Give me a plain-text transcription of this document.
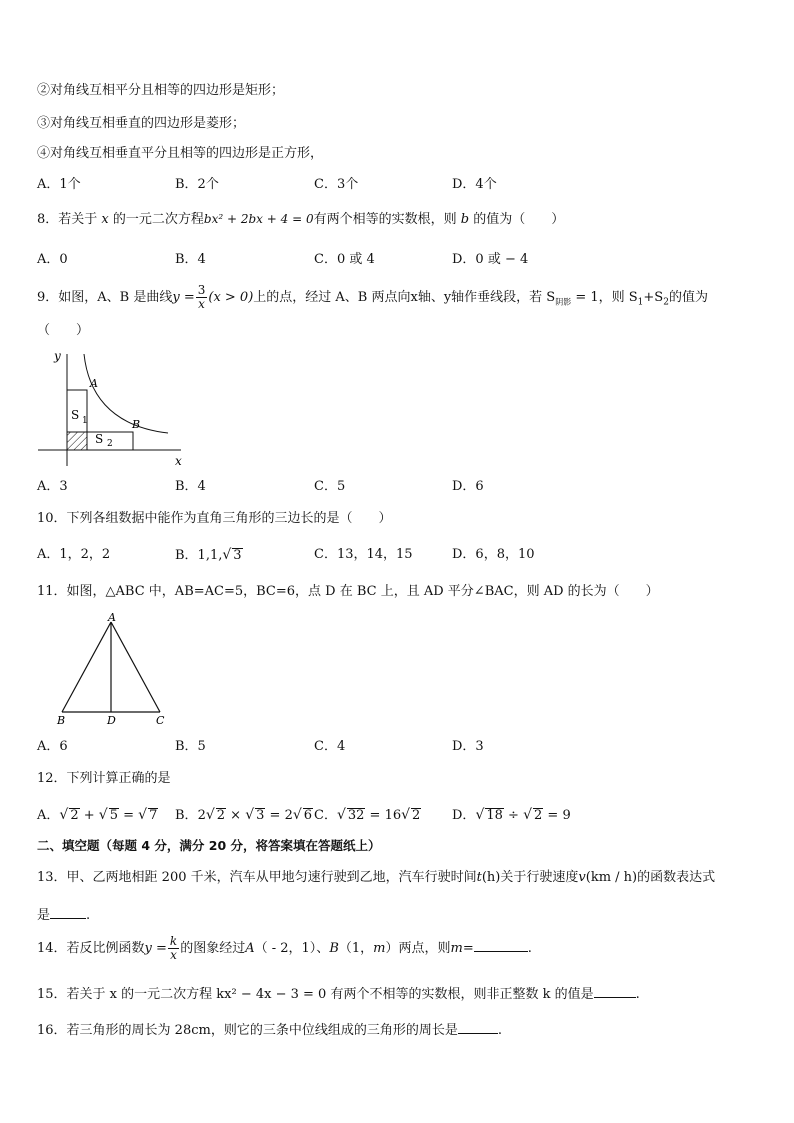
②对角线互相平分且相等的四边形是矩形；
③对角线互相垂直的四边形是菱形；
④对角线互相垂直平分且相等的四边形是正方形，
A．1个	B．2个	C．3个	D．4个
8．若关于 x 的一元二次方程bx² + 2bx + 4 = 0有两个相等的实数根，则 b 的值为（　　）
A．0	B．4	C．0 或 4	D．0 或 − 4
9．如图，A、B 是曲线$y = \frac{3}{x} (x > 0)$上的点，经过 A、B 两点向x轴、y轴作垂线段，若 $S_{阴影} = 1$，则 $S_1+S_2$的值为
（　　）
y
x
A
B
S 1
S 2
A．3	B．4	C．5	D．6
10．下列各组数据中能作为直角三角形的三边长的是（　　）
A．1，2，2	B．1,1,√ 3	C．13，14，15	D．6，8，10
11．如图，△ABC 中，AB=AC=5，BC=6，点 D 在 BC 上，且 AD 平分∠BAC，则 AD 的长为（　　）
A
B	D	C
A．6	B．5	C．4	D．3
12．下列计算正确的是
A．√ 2 + √ 5 = √ 7 B．2√ 2 × √ 3 = 2√ 6 C．√ 32 = 16√ 2 D．√ 18 ÷ √ 2 = 9
二、填空题（每题 4 分，满分 20 分，将答案填在答题纸上）
13．甲、乙两地相距 200 千米，汽车从甲地匀速行驶到乙地，汽车行驶时间t(h)关于行驶速度v(km / h)的函数表达式
是	.
14．若反比例函数$y = \frac{k}{x}$ 的图象经过A（ - 2，1）、B（1，m）两点，则m=	.
15．若关于 x 的一元二次方程 kx² − 4x − 3 = 0 有两个不相等的实数根，则非正整数 k 的值是	.
16．若三角形的周长为 28cm，则它的三条中位线组成的三角形的周长是	.
